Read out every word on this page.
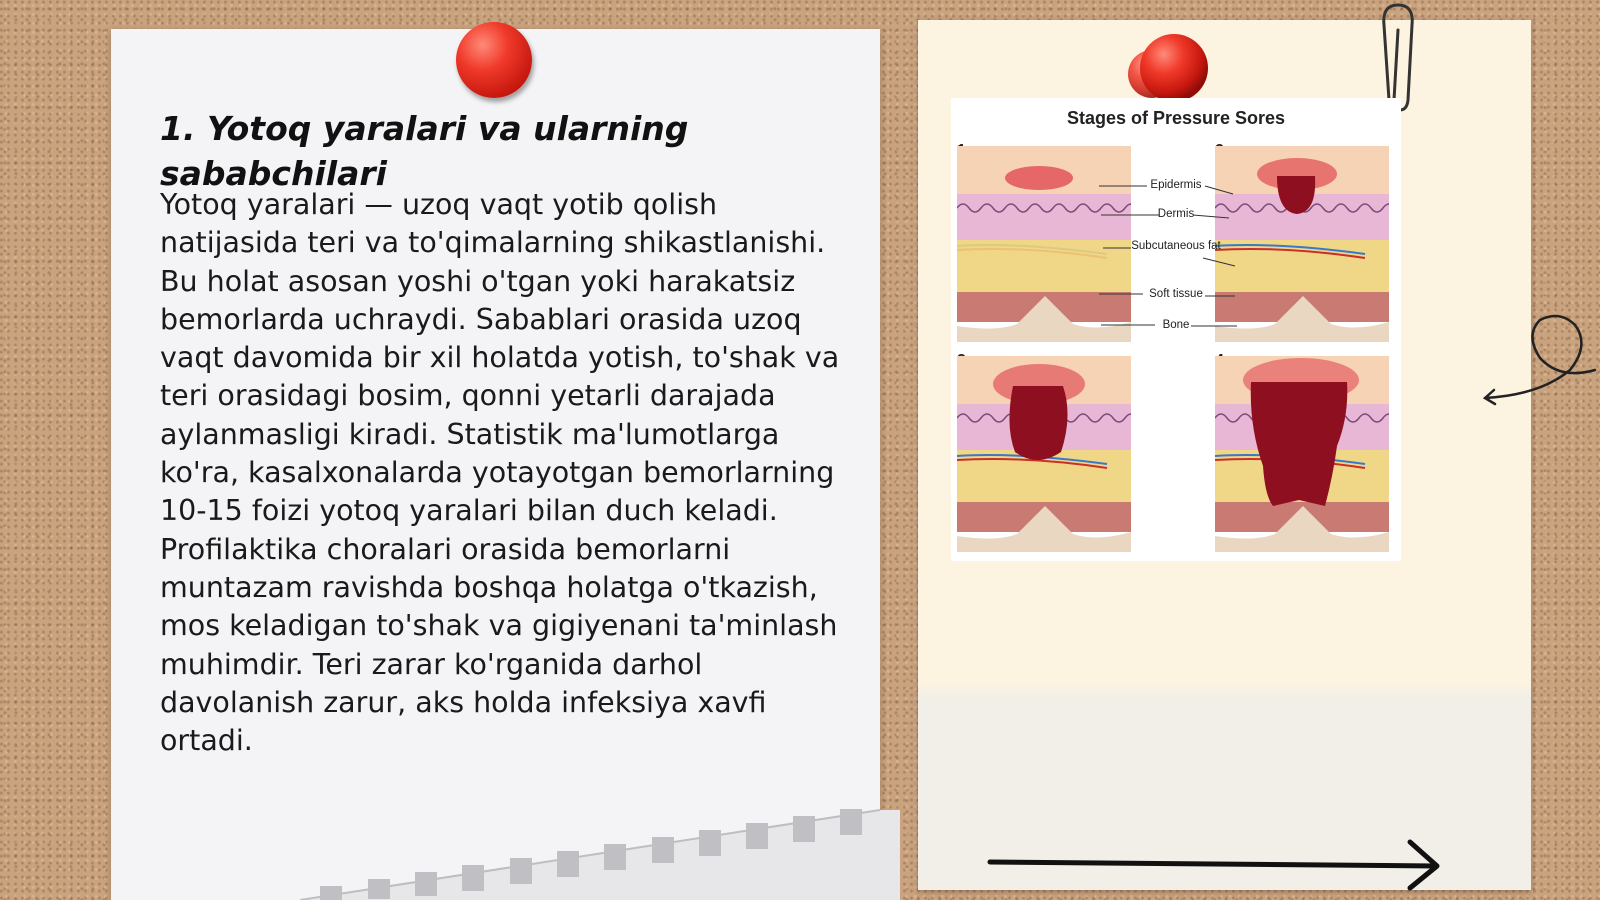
1. Yotoq yaralari va ularning sababchilari

Yotoq yaralari — uzoq vaqt yotib qolish natijasida teri va to'qimalarning shikastlanishi. Bu holat asosan yoshi o'tgan yoki harakatsiz bemorlarda uchraydi. Sabablari orasida uzoq vaqt davomida bir xil holatda yotish, to'shak va teri orasidagi bosim, qonni yetarli darajada aylanmasligi kiradi. Statistik ma'lumotlarga ko'ra, kasalxonalarda yotayotgan bemorlarning 10-15 foizi yotoq yaralari bilan duch keladi. Profilaktika choralari orasida bemorlarni muntazam ravishda boshqa holatga o'tkazish, mos keladigan to'shak va gigiyenani ta'minlash muhimdir. Teri zarar ko'rganida darhol davolanish zarur, aks holda infeksiya xavfi ortadi.

Stages of Pressure Sores
Epidermis
Dermis
Subcutaneous fat
Soft tissue
Bone
